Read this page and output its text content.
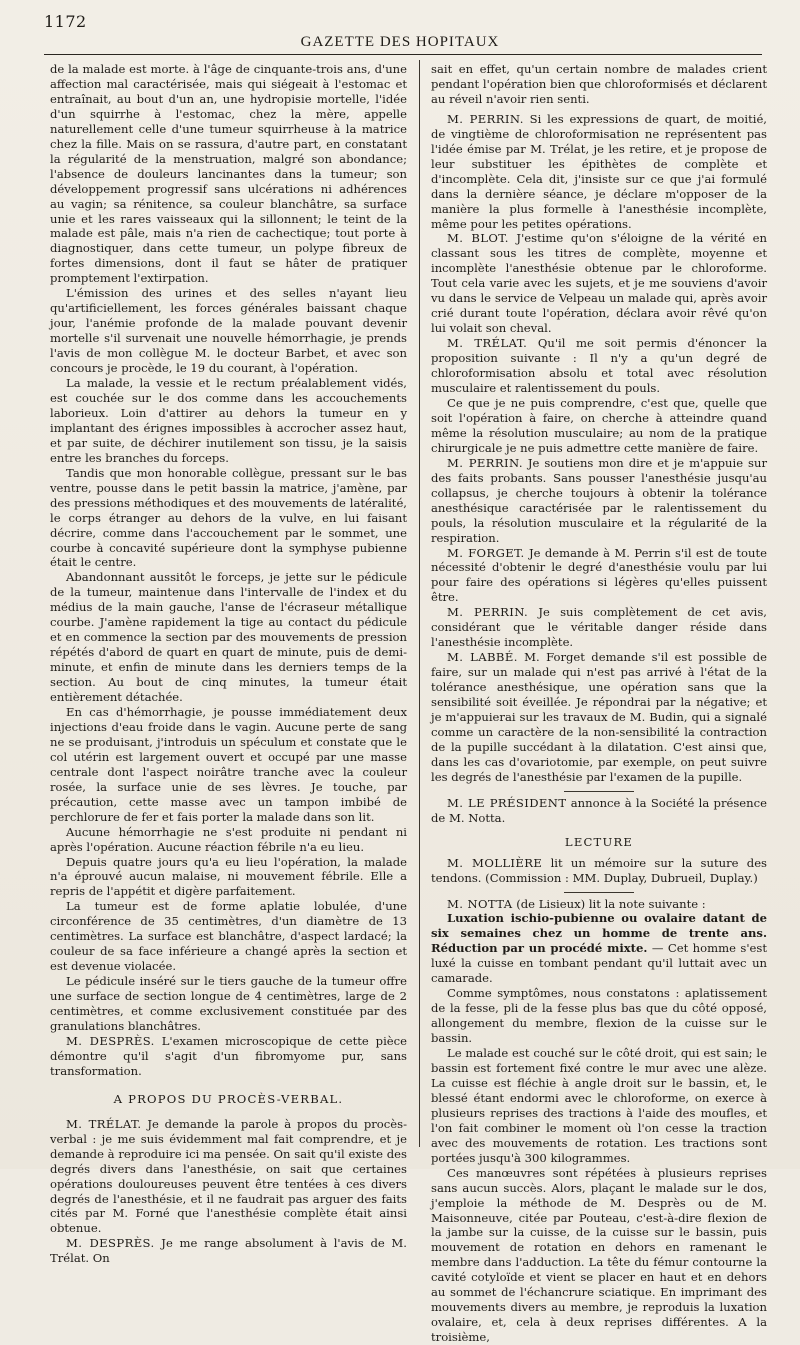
1172
GAZETTE DES HOPITAUX

de la malade est morte. à l'âge de cinquante-trois ans, d'une affection mal caractérisée, mais qui siégeait à l'estomac et entraînait, au bout d'un an, une hydropisie mortelle, l'idée d'un squirrhe à l'estomac, chez la mère, appelle naturellement celle d'une tumeur squirrheuse à la matrice chez la fille. Mais on se rassura, d'autre part, en constatant la régularité de la menstruation, malgré son abondance; l'absence de douleurs lancinantes dans la tumeur; son développement progressif sans ulcérations ni adhérences au vagin; sa rénitence, sa couleur blanchâtre, sa surface unie et les rares vaisseaux qui la sillonnent; le teint de la malade est pâle, mais n'a rien de cachectique; tout porte à diagnostiquer, dans cette tumeur, un polype fibreux de fortes dimensions, dont il faut se hâter de pratiquer promptement l'extirpation.

L'émission des urines et des selles n'ayant lieu qu'artificiellement, les forces générales baissant chaque jour, l'anémie profonde de la malade pouvant devenir mortelle s'il survenait une nouvelle hémorrhagie, je prends l'avis de mon collègue M. le docteur Barbet, et avec son concours je procède, le 19 du courant, à l'opération.

La malade, la vessie et le rectum préalablement vidés, est couchée sur le dos comme dans les accouchements laborieux. Loin d'attirer au dehors la tumeur en y implantant des érignes impossibles à accrocher assez haut, et par suite, de déchirer inutilement son tissu, je la saisis entre les branches du forceps.

Tandis que mon honorable collègue, pressant sur le bas ventre, pousse dans le petit bassin la matrice, j'amène, par des pressions méthodiques et des mouvements de latéralité, le corps étranger au dehors de la vulve, en lui faisant décrire, comme dans l'accouchement par le sommet, une courbe à concavité supérieure dont la symphyse pubienne était le centre.

Abandonnant aussitôt le forceps, je jette sur le pédicule de la tumeur, maintenue dans l'intervalle de l'index et du médius de la main gauche, l'anse de l'écraseur métallique courbe. J'amène rapidement la tige au contact du pédicule et en commence la section par des mouvements de pression répétés d'abord de quart en quart de minute, puis de demi-minute, et enfin de minute dans les derniers temps de la section. Au bout de cinq minutes, la tumeur était entièrement détachée.

En cas d'hémorrhagie, je pousse immédiatement deux injections d'eau froide dans le vagin. Aucune perte de sang ne se produisant, j'introduis un spéculum et constate que le col utérin est largement ouvert et occupé par une masse centrale dont l'aspect noirâtre tranche avec la couleur rosée, la surface unie de ses lèvres. Je touche, par précaution, cette masse avec un tampon imbibé de perchlorure de fer et fais porter la malade dans son lit.

Aucune hémorrhagie ne s'est produite ni pendant ni après l'opération. Aucune réaction fébrile n'a eu lieu.

Depuis quatre jours qu'a eu lieu l'opération, la malade n'a éprouvé aucun malaise, ni mouvement fébrile. Elle a repris de l'appétit et digère parfaitement.

La tumeur est de forme aplatie lobulée, d'une circonférence de 35 centimètres, d'un diamètre de 13 centimètres. La surface est blanchâtre, d'aspect lardacé; la couleur de sa face inférieure a changé après la section et est devenue violacée.

Le pédicule inséré sur le tiers gauche de la tumeur offre une surface de section longue de 4 centimètres, large de 2 centimètres, et comme exclusivement constituée par des granulations blanchâtres.

M. DESPRÈS. L'examen microscopique de cette pièce démontre qu'il s'agit d'un fibromyome pur, sans transformation.

A PROPOS DU PROCÈS-VERBAL.

M. TRÉLAT. Je demande la parole à propos du procès-verbal : je me suis évidemment mal fait comprendre, et je demande à reproduire ici ma pensée. On sait qu'il existe des degrés divers dans l'anesthésie, on sait que certaines opérations douloureuses peuvent être tentées à ces divers degrés de l'anesthésie, et il ne faudrait pas arguer des faits cités par M. Forné que l'anesthésie complète était ainsi obtenue.

M. DESPRÈS. Je me range absolument à l'avis de M. Trélat. On

sait en effet, qu'un certain nombre de malades crient pendant l'opération bien que chloroformisés et déclarent au réveil n'avoir rien senti.

M. PERRIN. Si les expressions de quart, de moitié, de vingtième de chloroformisation ne représentent pas l'idée émise par M. Trélat, je les retire, et je propose de leur substituer les épithètes de complète et d'incomplète. Cela dit, j'insiste sur ce que j'ai formulé dans la dernière séance, je déclare m'opposer de la manière la plus formelle à l'anesthésie incomplète, même pour les petites opérations.

M. BLOT. J'estime qu'on s'éloigne de la vérité en classant sous les titres de complète, moyenne et incomplète l'anesthésie obtenue par le chloroforme. Tout cela varie avec les sujets, et je me souviens d'avoir vu dans le service de Velpeau un malade qui, après avoir crié durant toute l'opération, déclara avoir rêvé qu'on lui volait son cheval.

M. TRÉLAT. Qu'il me soit permis d'énoncer la proposition suivante : Il n'y a qu'un degré de chloroformisation absolu et total avec résolution musculaire et ralentissement du pouls.

Ce que je ne puis comprendre, c'est que, quelle que soit l'opération à faire, on cherche à atteindre quand même la résolution musculaire; au nom de la pratique chirurgicale je ne puis admettre cette manière de faire.

M. PERRIN. Je soutiens mon dire et je m'appuie sur des faits probants. Sans pousser l'anesthésie jusqu'au collapsus, je cherche toujours à obtenir la tolérance anesthésique caractérisée par le ralentissement du pouls, la résolution musculaire et la régularité de la respiration.

M. FORGET. Je demande à M. Perrin s'il est de toute nécessité d'obtenir le degré d'anesthésie voulu par lui pour faire des opérations si légères qu'elles puissent être.

M. PERRIN. Je suis complètement de cet avis, considérant que le véritable danger réside dans l'anesthésie incomplète.

M. LABBÉ. M. Forget demande s'il est possible de faire, sur un malade qui n'est pas arrivé à l'état de la tolérance anesthésique, une opération sans que la sensibilité soit éveillée. Je répondrai par la négative; et je m'appuierai sur les travaux de M. Budin, qui a signalé comme un caractère de la non-sensibilité la contraction de la pupille succédant à la dilatation. C'est ainsi que, dans les cas d'ovariotomie, par exemple, on peut suivre les degrés de l'anesthésie par l'examen de la pupille.

M. LE PRÉSIDENT annonce à la Société la présence de M. Notta.

LECTURE

M. MOLLIÈRE lit un mémoire sur la suture des tendons. (Commission : MM. Duplay, Dubrueil, Duplay.)

M. NOTTA (de Lisieux) lit la note suivante :

Luxation ischio-pubienne ou ovalaire datant de six semaines chez un homme de trente ans. Réduction par un procédé mixte. — Cet homme s'est luxé la cuisse en tombant pendant qu'il luttait avec un camarade.

Comme symptômes, nous constatons : aplatissement de la fesse, pli de la fesse plus bas que du côté opposé, allongement du membre, flexion de la cuisse sur le bassin.

Le malade est couché sur le côté droit, qui est sain; le bassin est fortement fixé contre le mur avec une alèze. La cuisse est fléchie à angle droit sur le bassin, et, le blessé étant endormi avec le chloroforme, on exerce à plusieurs reprises des tractions à l'aide des moufles, et l'on fait combiner le moment où l'on cesse la traction avec des mouvements de rotation. Les tractions sont portées jusqu'à 300 kilogrammes.

Ces manœuvres sont répétées à plusieurs reprises sans aucun succès. Alors, plaçant le malade sur le dos, j'emploie la méthode de M. Desprès ou de M. Maisonneuve, citée par Pouteau, c'est-à-dire flexion de la jambe sur la cuisse, de la cuisse sur le bassin, puis mouvement de rotation en dehors en ramenant le membre dans l'adduction. La tête du fémur contourne la cavité cotyloïde et vient se placer en haut et en dehors au sommet de l'échancrure sciatique. En imprimant des mouvements divers au membre, je reproduis la luxation ovalaire, et, cela à deux reprises différentes. A la troisième,
